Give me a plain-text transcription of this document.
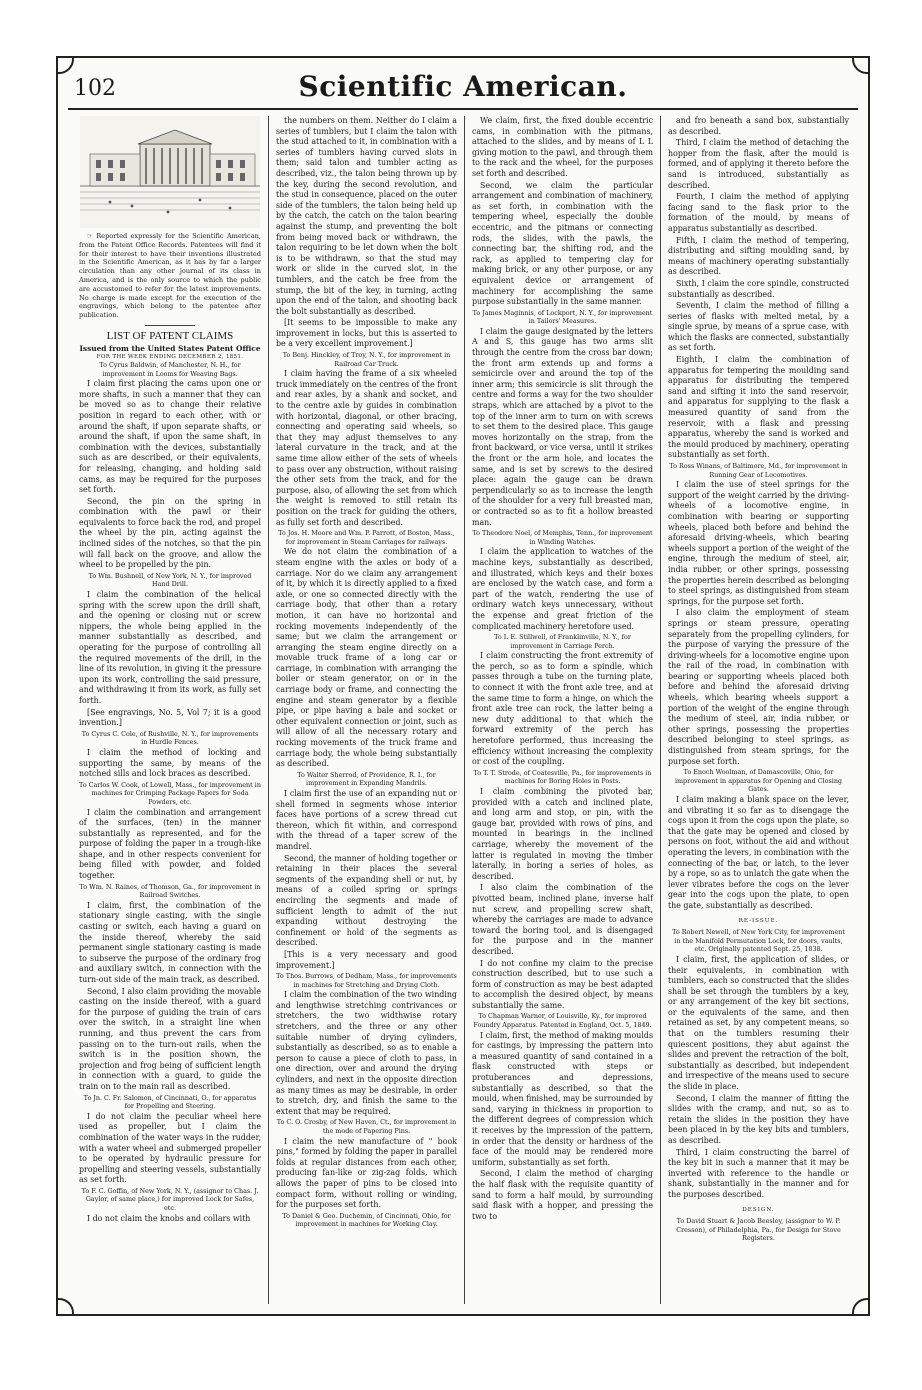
102	Scientific American.

☞ Reported expressly for the Scientific American, from the Patent Office Records. Patentees will find it for their interest to have their inventions illustrated in the Scientific American, as it has by far a larger circulation than any other journal of its class in America, and is the only source to which the public are accustomed to refer for the latest improvements. No charge is made except for the execution of the engravings, which belong to the patentee after publication.

LIST OF PATENT CLAIMS
Issued from the United States Patent Office
FOR THE WEEK ENDING DECEMBER 2, 1851.

To Cyrus Baldwin, of Manchester, N. H., for improvement in Looms for Weaving Bags.

I claim first placing the cams upon one or more shafts, in such a manner that they can be moved so as to change their relative position in regard to each other, with or around the shaft, if upon separate shafts, or around the shaft, if upon the same shaft, in combination with the devices, substantially such as are described, or their equivalents, for releasing, changing, and holding said cams, as may be required for the purposes set forth.

Second, the pin on the spring in combination with the pawl or their equivalents to force back the rod, and propel the wheel by the pin, acting against the inclined sides of the notches, so that the pin will fall back on the groove, and allow the wheel to be propelled by the pin.

To Wm. Bushnell, of New York, N. Y., for improved Hand Drill.

I claim the combination of the helical spring with the screw upon the drill shaft, and the opening or closing nut or screw nippers, the whole being applied in the manner substantially as described, and operating for the purpose of controlling all the required movements of the drill, in the line of its revolution, in giving it the pressure upon its work, controlling the said pressure, and withdrawing it from its work, as fully set forth.

[See engravings, No. 5, Vol 7; it is a good invention.]

To Cyrus C. Cole, of Rushville, N. Y., for improvements in Hurdle Fences.

I claim the method of locking and supporting the same, by means of the notched sills and lock braces as described.

To Carlos W. Cook, of Lowell, Mass., for improvement in machines for Crimping Package Papers for Soda Powders, etc.

I claim the combination and arrangement of the surfaces, (ten) in the manner substantially as represented, and for the purpose of folding the paper in a trough-like shape, and in other respects convenient for being filled with powder, and folded together.

To Wm. N. Raines, of Thomson, Ga., for improvement in Railroad Switches.

I claim, first, the combination of the stationary single casting, with the single casting or switch, each having a guard on the inside thereof, whereby the said permanent single stationary casting is made to subserve the purpose of the ordinary frog and auxiliary switch, in connection with the turn-out side of the main track, as described.

Second, I also claim providing the movable casting on the inside thereof, with a guard for the purpose of guiding the train of cars over the switch, in a straight line when running, and thus prevent the cars from passing on to the turn-out rails, when the switch is in the position shown, the projection and frog being of sufficient length in connection with a guard, to guide the train on to the main rail as described.

To Jn. C. Fr. Salomon, of Cincinnati, O., for apparatus for Propelling and Steering.

I do not claim the peculiar wheel here used as propeller, but I claim the combination of the water ways in the rudder, with a water wheel and submerged propeller to be operated by hydraulic pressure for propelling and steering vessels, substantially as set forth.

To F. C. Goffin, of New York, N. Y., (assignor to Chas. J. Gaylor, of same place,) for improved Lock for Safes, etc.

I do not claim the knobs and collars with

the numbers on them. Neither do I claim a series of tumblers, but I claim the talon with the stud attached to it, in combination with a series of tumblers having curved slots in them; said talon and tumbler acting as described, viz., the talon being thrown up by the key, during the second revolution, and the stud in consequence, placed on the outer side of the tumblers, the talon being held up by the catch, the catch on the talon bearing against the stump, and preventing the bolt from being moved back or withdrawn, the talon requiring to be let down when the bolt is to be withdrawn, so that the stud may work or slide in the curved slot, in the tumblers, and the catch be free from the stump, the bit of the key, in turning, acting upon the end of the talon, and shooting back the bolt substantially as described.

[It seems to be impossible to make any improvement in locks, but this is asserted to be a very excellent improvement.]

To Benj. Hinckley, of Troy, N. Y., for improvement in Railroad Car Truck.

I claim having the frame of a six wheeled truck immediately on the centres of the front and rear axles, by a shank and socket, and to the centre axle by guides in combination with horizontal, diagonal, or other bracing, connecting and operating said wheels, so that they may adjust themselves to any lateral curvature in the track, and at the same time allow either of the sets of wheels to pass over any obstruction, without raising the other sets from the track, and for the purpose, also, of allowing the set from which the weight is removed to still retain its position on the track for guiding the others, as fully set forth and described.

To Jos. H. Moore and Wm. P. Parrott, of Boston, Mass., for improvement in Steam Carriages for railways.

We do not claim the combination of a steam engine with the axles or body of a carriage. Nor do we claim any arrangement of it, by which it is directly applied to a fixed axle, or one so connected directly with the carriage body, that other than a rotary motion, it can have no horizontal and rocking movements independently of the same; but we claim the arrangement or arranging the steam engine directly on a movable truck frame of a long car or carriage, in combination with arranging the boiler or steam generator, on or in the carriage body or frame, and connecting the engine and steam generator by a flexible pipe, or pipe having a bale and socket or other equivalent connection or joint, such as will allow of all the necessary rotary and rocking movements of the truck frame and carriage body, the whole being substantially as described.

To Walter Sherrod, of Providence, R. I., for improvement in Expanding Mandrils.

I claim first the use of an expanding nut or shell formed in segments whose interior faces have portions of a screw thread cut thereon, which fit within, and correspond with the thread of a taper screw of the mandrel.

Second, the manner of holding together or retaining in their places the several segments of the expanding shell or nut, by means of a coiled spring or springs encircling the segments and made of sufficient length to admit of the nut expanding without destroying the confinement or hold of the segments as described.

[This is a very necessary and good improvement.]

To Thos. Burrows, of Dedham, Mass., for improvements in machines for Stretching and Drying Cloth.

I claim the combination of the two winding and lengthwise stretching contrivances or stretchers, the two widthwise rotary stretchers, and the three or any other suitable number of drying cylinders, substantially as described, so as to enable a person to cause a piece of cloth to pass, in one direction, over and around the drying cylinders, and next in the opposite direction as many times as may be desirable, in order to stretch, dry, and finish the same to the extent that may be required.

To C. O. Crosby, of New Haven, Ct., for improvement in the mode of Papering Pins.

I claim the new manufacture of " book pins," formed by folding the paper in parallel folds at regular distances from each other, producing fan-like or zig-zag folds, which allows the paper of pins to be closed into compact form, without rolling or winding, for the purposes set forth.

To Daniel & Geo. Duchemin, of Cincinnati, Ohio, for improvement in machines for Working Clay.

We claim, first, the fixed double eccentric cams, in combination with the pitmans, attached to the slides, and by means of L L giving motion to the pawl, and through them to the rack and the wheel, for the purposes set forth and described.

Second, we claim the particular arrangement and combination of machinery, as set forth, in combination with the tempering wheel, especially the double eccentric, and the pitmans or connecting rods, the slides, with the pawls, the connecting bar, the shifting rod, and the rack, as applied to tempering clay for making brick, or any other purpose, or any equivalent device or arrangement of machinery for accomplishing the same purpose substantially in the same manner.

To James Maginnis, of Lockport, N. Y., for improvement in Tailors' Measures.

I claim the gauge designated by the letters A and S, this gauge has two arms slit through the centre from the cross bar down; the front arm extends up and forms a semicircle over and around the top of the inner arm; this semicircle is slit through the centre and forms a way for the two shoulder straps, which are attached by a pivot to the top of the inner arm to turn on with screws to set them to the desired place. This gauge moves horizontally on the strap, from the front backward, or vice versa, until it strikes the front or the arm hole, and locates the same, and is set by screws to the desired place: again the gauge can be drawn perpendicularly so as to increase the length of the shoulder for a very full breasted man, or contracted so as to fit a hollow breasted man.

To Theodore Noel, of Memphis, Tenn., for improvement in Winding Watches.

I claim the application to watches of the machine keys, substantially as described, and illustrated, which keys and their boxes are enclosed by the watch case, and form a part of the watch, rendering the use of ordinary watch keys unnecessary, without the expense and great friction of the complicated machinery heretofore used.

To I. E. Stillwell, of Franklinville, N. Y., for improvement in Carriage Perch.

I claim constructing the front extremity of the perch, so as to form a spindle, which passes through a tube on the turning plate, to connect it with the front axle tree, and at the same time to form a hinge, on which the front axle tree can rock, the latter being a new duty additional to that which the forward extremity of the perch has heretofore performed, thus increasing the efficiency without increasing the complexity or cost of the coupling.

To T. T. Strode, of Coatesville, Pa., for improvements in machines for Boring Holes in Posts.

I claim combining the pivoted bar, provided with a catch and inclined plate, and long arm and stop, or pin, with the gauge bar, provided with rows of pins, and mounted in bearings in the inclined carriage, whereby the movement of the latter is regulated in moving the timber laterally, in boring a series of holes, as described.

I also claim the combination of the pivotted beam, inclined plane, inverse half nut screw, and propelling screw shaft, whereby the carriages are made to advance toward the boring tool, and is disengaged for the purpose and in the manner described.

I do not confine my claim to the precise construction described, but to use such a form of construction as may be best adapted to accomplish the desired object, by means substantially the same.

To Chapman Warner, of Louisville, Ky., for improved Foundry Apparatus. Patented in England, Oct. 5, 1849.

I claim, first, the method of making moulds for castings, by impressing the pattern into a measured quantity of sand contained in a flask constructed with steps or protuberances and depressions, substantially as described, so that the mould, when finished, may be surrounded by sand, varying in thickness in proportion to the different degrees of compression which it receives by the impression of the pattern, in order that the density or hardness of the face of the mould may be rendered more uniform, substantially as set forth.

Second, I claim the method of charging the half flask with the requisite quantity of sand to form a half mould, by surrounding said flask with a hopper, and pressing the two to

and fro beneath a sand box, substantially as described.

Third, I claim the method of detaching the hopper from the flask, after the mould is formed, and of applying it thereto before the sand is introduced, substantially as described.

Fourth, I claim the method of applying facing sand to the flask prior to the formation of the mould, by means of apparatus substantially as described.

Fifth, I claim the method of tempering, distributing and sifting moulding sand, by means of machinery operating substantially as described.

Sixth, I claim the core spindle, constructed substantially as described.

Seventh, I claim the method of filling a series of flasks with melted metal, by a single sprue, by means of a sprue case, with which the flasks are connected, substantially as set forth.

Eighth, I claim the combination of apparatus for tempering the moulding sand apparatus for distributing the tempered sand and sifting it into the sand reservoir, and apparatus for supplying to the flask a measured quantity of sand from the reservoir, with a flask and pressing apparatus, whereby the sand is worked and the mould produced by machinery, operating substantially as set forth.

To Ross Winans, of Baltimore, Md., for improvement in Running Gear of Locomotives.

I claim the use of steel springs for the support of the weight carried by the driving-wheels of a locomotive engine, in combination with bearing or supporting wheels, placed both before and behind the aforesaid driving-wheels, which bearing wheels support a portion of the weight of the engine, through the medium of steel, air, india rubber, or other springs, possessing the properties herein described as belonging to steel springs, as distinguished from steam springs, for the purpose set forth.

I also claim the employment of steam springs or steam pressure, operating separately from the propelling cylinders, for the purpose of varying the pressure of the driving-wheels for a locomotive engine upon the rail of the road, in combination with bearing or supporting wheels placed both before and behind the aforesaid driving wheels, which bearing wheels support a portion of the weight of the engine through the medium of steel, air, india rubber, or other springs, possessing the properties described belonging to steel springs, as distinguished from steam springs, for the purpose set forth.

To Enoch Woolman, of Damascoville, Ohio, for improvement in apparatus for Opening and Closing Gates.

I claim making a blank space on the lever, and vibrating it so far as to disengage the cogs upon it from the cogs upon the plate, so that the gate may be opened and closed by persons on foot, without the aid and without operating the levers, in combination with the connecting of the bar, or latch, to the lever by a rope, so as to unlatch the gate when the lever vibrates before the cogs on the lever gear into the cogs upon the plate, to open the gate, substantially as described.

RE-ISSUE.

To Robert Newell, of New York City, for improvement in the Manifold Permutation Lock, for doors, vaults, etc. Originally patented Sept. 25, 1838.

I claim, first, the application of slides, or their equivalents, in combination with tumblers, each so constructed that the slides shall be set through the tumblers by a key, or any arrangement of the key bit sections, or the equivalents of the same, and then retained as set, by any competent means, so that on the tumblers resuming their quiescent positions, they abut against the slides and prevent the retraction of the bolt, substantially as described, but independent and irrespective of the means used to secure the slide in place.

Second, I claim the manner of fitting the slides with the cramp, and nut, so as to retain the slides in the position they have been placed in by the key bits and tumblers, as described.

Third, I claim constructing the barrel of the key bit in such a manner that it may be inverted with reference to the handle or shank, substantially in the manner and for the purposes described.

DESIGN.

To David Stuart & Jacob Beesley, (assignor to W. P. Cresson), of Philadelphia, Pa., for Design for Stove Registers.
